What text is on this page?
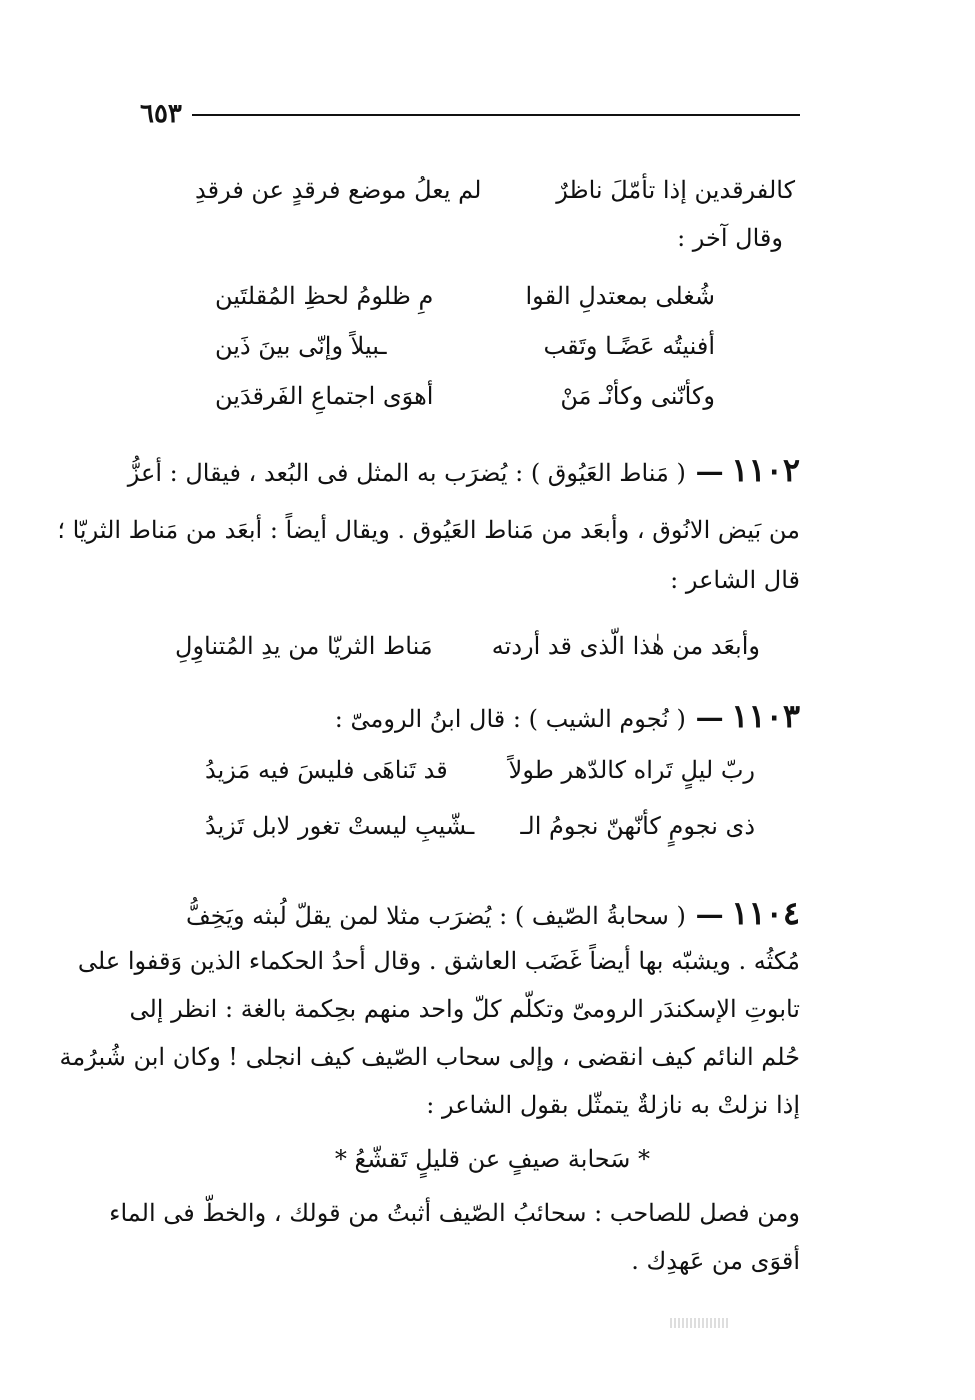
٦٥٣
كالفرقدين إذا تأمّلَ ناظرٌ
لم يعلُ موضع فرقدٍ عن فرقدِ
وقال آخر :
شُغلى بمعتدلِ القوا
مِ ظلومُ لحظِ المُقلتَين
أفنيتُه عَضًـا وتَقب
ـبيلاً وإنّى بينَ ذَين
وكأنّنى وكأنْـ مَنْ
أهوَى اجتماعِ الفَرقدَين
١١٠٢ — ( مَناط العَيُوق ) : يُضرَب به المثل فى البُعد ، فيقال : أعزُّ
من بَيض الانُوق ، وأبعَد من مَناط العَيُوق . ويقال أيضاً : أبعَد من مَناط الثريّا ؛
قال الشاعر :
وأبعَد من هٰذا الّذى قد أردته
مَناط الثريّا من يدِ المُتناوِلِ
١١٠٣ — ( نُجوم الشيب ) : قال ابنُ الرومىّ :
ربّ ليلٍ تَراه كالدّهر طولاً
قد تَناهَى فليسَ فيه مَزيدُ
ذى نجومٍ كأنّهنّ نجومُ الـ
ـشّيبِ ليستْ تغور لابل تَزيدُ
١١٠٤ — ( سحابةُ الصّيف ) : يُضرَب مثلا لمن يقلّ لُبثه ويَخِفُّ
مُكثُه . ويشبّه بها أيضاً غَضَب العاشق . وقال أحدُ الحكماء الذين وَقفوا على
تابوتِ الإسكندَر الرومىّ وتكلّم كلّ واحد منهم بحِكمة بالغة : انظر إلى
حُلم النائم كيف انقضى ، وإلى سحاب الصّيف كيف انجلى ! وكان ابن شُبرُمة
إذا نزلتْ به نازلةٌ يتمثّل بقول الشاعر :
* سَحابة صيفٍ عن قليلٍ تَقشّعُ *
ومن فصل للصاحب : سحائبُ الصّيف أثبتُ من قولك ، والخطّ فى الماء
أقوَى من عَهدِك .
